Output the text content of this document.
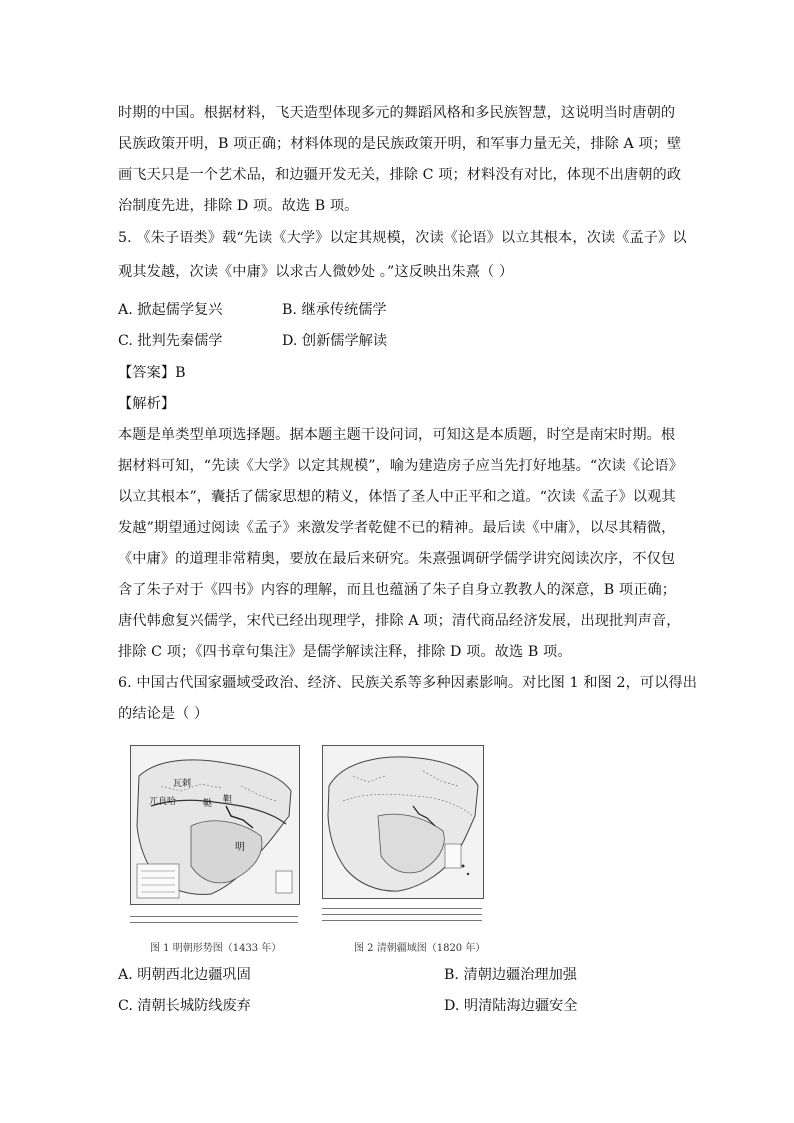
时期的中国。根据材料，飞天造型体现多元的舞蹈风格和多民族智慧，这说明当时唐朝的
民族政策开明，B 项正确；材料体现的是民族政策开明，和军事力量无关，排除 A 项；壁
画飞天只是一个艺术品，和边疆开发无关，排除 C 项；材料没有对比，体现不出唐朝的政
治制度先进，排除 D 项。故选 B 项。
5. 《朱子语类》载“先读《大学》以定其规模，次读《论语》以立其根本，次读《孟子》以
观其发越，次读《中庸》以求古人微妙处 。”这反映出朱熹（ ）
A. 掀起儒学复兴	B. 继承传统儒学
C. 批判先秦儒学	D. 创新儒学解读
【答案】B
【解析】
本题是单类型单项选择题。据本题主题干设问词，可知这是本质题，时空是南宋时期。根
据材料可知，“先读《大学》以定其规模”，喻为建造房子应当先打好地基。“次读《论语》
以立其根本”，囊括了儒家思想的精义，体悟了圣人中正平和之道。“次读《孟子》以观其
发越”期望通过阅读《孟子》来激发学者乾健不已的精神。最后读《中庸》，以尽其精微，
《中庸》的道理非常精奥，要放在最后来研究。朱熹强调研学儒学讲究阅读次序，不仅包
含了朱子对于《四书》内容的理解，而且也蕴涵了朱子自身立教教人的深意，B 项正确；
唐代韩愈复兴儒学，宋代已经出现理学，排除 A 项；清代商品经济发展，出现批判声音，
排除 C 项；《四书章句集注》是儒学解读注释，排除 D 项。故选 B 项。
6. 中国古代国家疆域受政治、经济、民族关系等多种因素影响。对比图 1 和图 2，可以得出
的结论是（ ）
瓦剌
鞑 靼
兀良哈
明
图 1 明朝形势图（1433 年）	图 2 清朝疆域图（1820 年）
A. 明朝西北边疆巩固	B. 清朝边疆治理加强
C. 清朝长城防线废弃	D. 明清陆海边疆安全
